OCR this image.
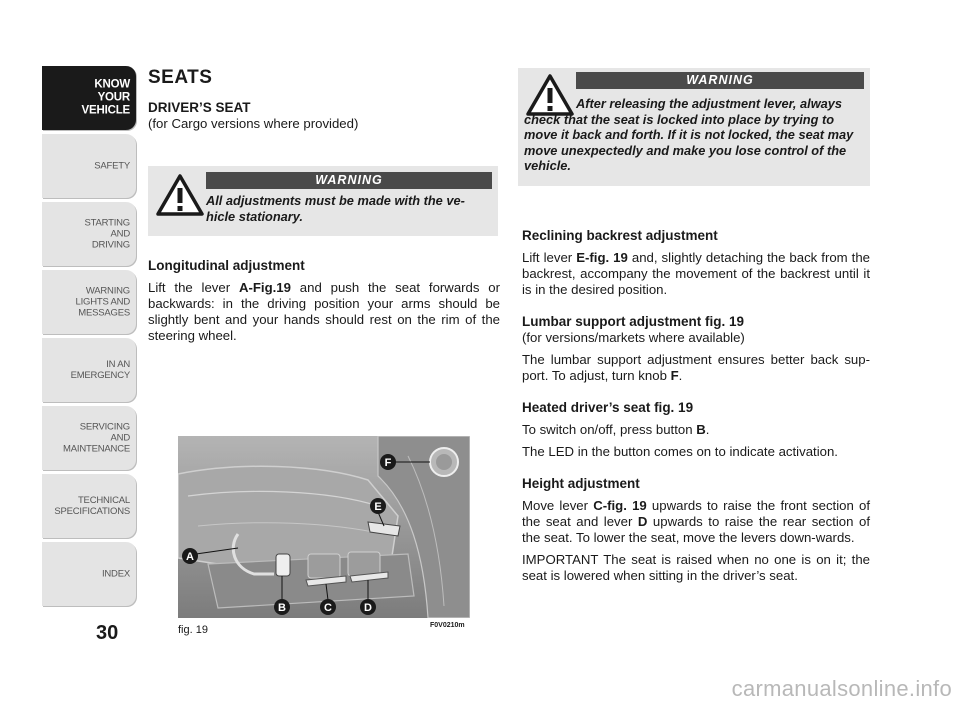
KNOW
YOUR
VEHICLE
SAFETY
STARTING
AND
DRIVING
WARNING
LIGHTS AND
MESSAGES
IN AN
EMERGENCY
SERVICING
AND
MAINTENANCE
TECHNICAL
SPECIFICATIONS
INDEX
30
SEATS
DRIVER’S SEAT
(for Cargo versions where provided)
WARNING
All adjustments must be made with the ve-hicle stationary.
Longitudinal adjustment

Lift the lever A-Fig.19 and push the seat forwards or backwards: in the driving position your arms should be slightly bent and your hands should rest on the rim of the steering wheel.

A
B	C	D
E
F
fig. 19	F0V0210m
WARNING
After releasing the adjustment lever, always check that the seat is locked into place by trying to move it back and forth. If it is not locked, the seat may move unexpectedly and make you lose control of the vehicle.
Reclining backrest adjustment

Lift lever E-fig. 19 and, slightly detaching the back from the backrest, accompany the movement of the backrest until it is in the desired position.

Lumbar support adjustment fig. 19
(for versions/markets where available)

The lumbar support adjustment ensures better back sup-port. To adjust, turn knob F.

Heated driver’s seat fig. 19

To switch on/off, press button B.

The LED in the button comes on to indicate activation.

Height adjustment

Move lever C-fig. 19 upwards to raise the front section of the seat and lever D upwards to raise the rear section of the seat. To lower the seat, move the levers down-wards.

IMPORTANT The seat is raised when no one is on it; the seat is lowered when sitting in the driver’s seat.

carmanualsonline.info
